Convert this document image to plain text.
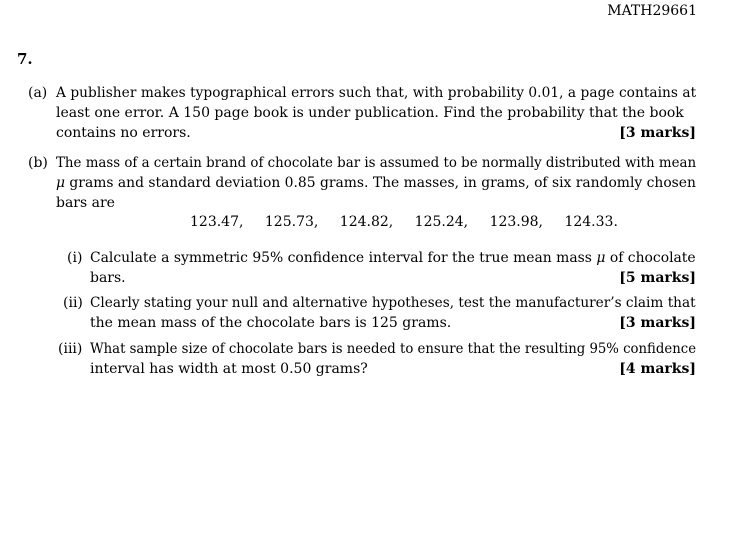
MATH29661
7.
(a) A publisher makes typographical errors such that, with probability 0.01, a page contains at
least one error. A 150 page book is under publication. Find the probability that the book
contains no errors.	[3 marks]
(b) The mass of a certain brand of chocolate bar is assumed to be normally distributed with mean
μ grams and standard deviation 0.85 grams. The masses, in grams, of six randomly chosen
bars are
123.47, 125.73, 124.82, 125.24, 123.98, 124.33.
(i) Calculate a symmetric 95% confidence interval for the true mean mass μ of chocolate
bars.	[5 marks]
(ii) Clearly stating your null and alternative hypotheses, test the manufacturer’s claim that
the mean mass of the chocolate bars is 125 grams.	[3 marks]
(iii) What sample size of chocolate bars is needed to ensure that the resulting 95% confidence
interval has width at most 0.50 grams?	[4 marks]
